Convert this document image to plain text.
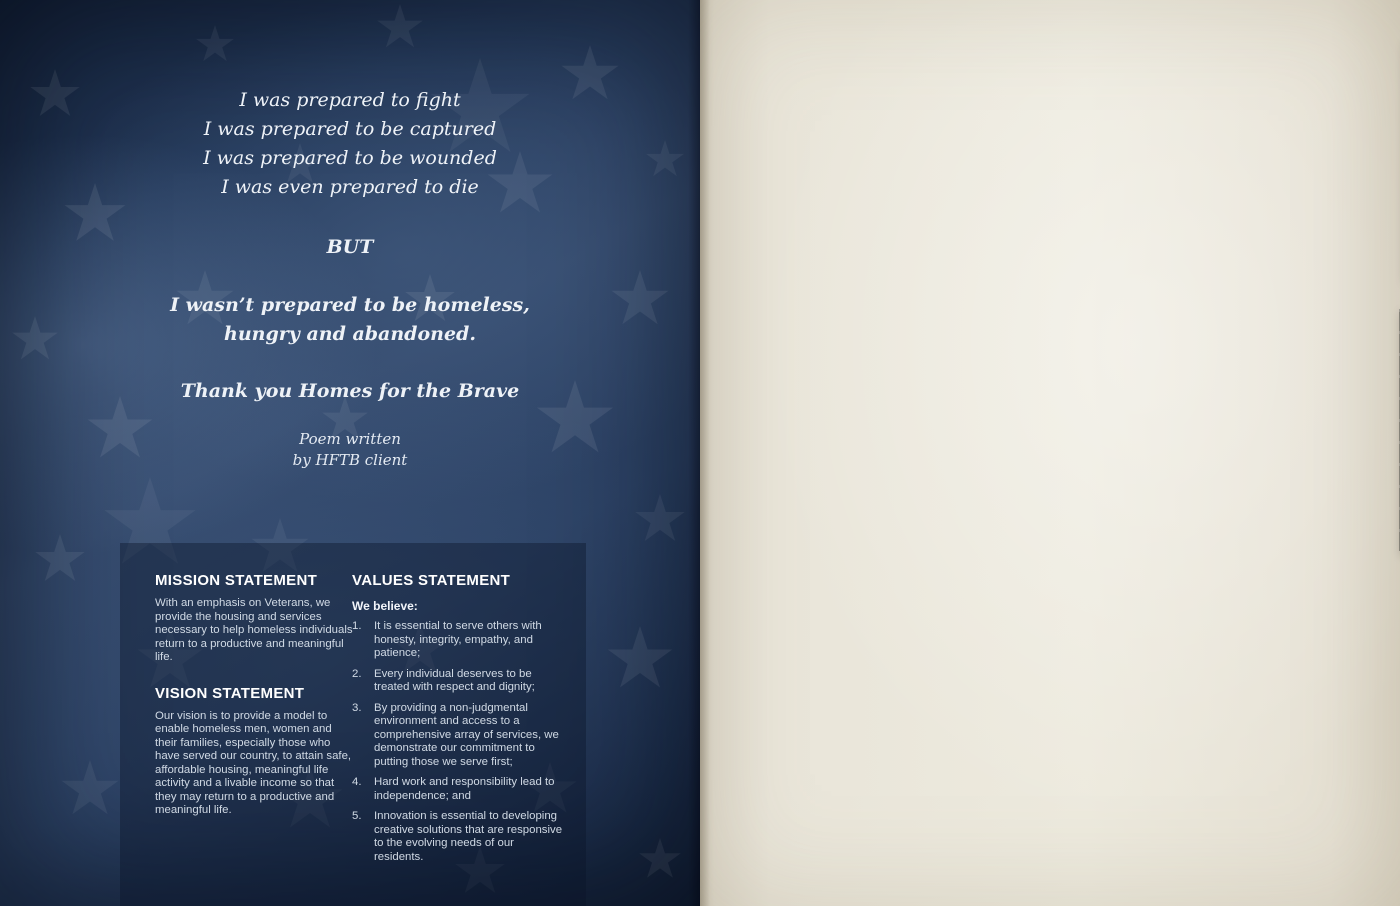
I was prepared to fight
I was prepared to be captured
I was prepared to be wounded
I was even prepared to die
BUT
I wasn’t prepared to be homeless,
hungry and abandoned.
Thank you Homes for the Brave
Poem written
by HFTB client
MISSION STATEMENT

With an emphasis on Veterans, we provide the housing and services necessary to help homeless individuals return to a productive and meaningful life.

VISION STATEMENT

Our vision is to provide a model to enable homeless men, women and their families, especially those who have served our country, to attain safe, affordable housing, meaningful life activity and a livable income so that they may return to a productive and meaningful life.

VALUES STATEMENT

We believe:

1.	It is essential to serve others with honesty, integrity, empathy, and patience;
2.	Every individual deserves to be treated with respect and dignity;
3.	By providing a non-judgmental environment and access to a comprehensive array of services, we demonstrate our commitment to putting those we serve first;
4.	Hard work and responsibility lead to independence; and
5.	Innovation is essential to developing creative solutions that are responsive to the evolving needs of our residents.
